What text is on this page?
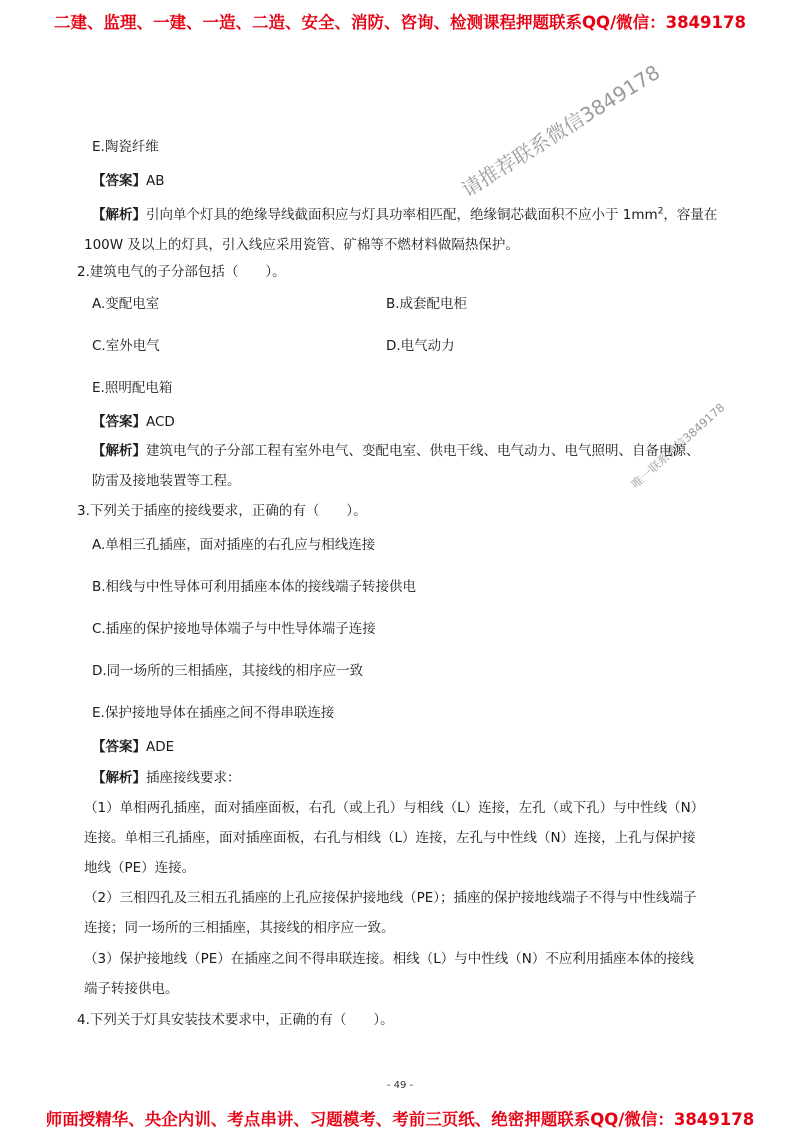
二建、监理、一建、一造、二造、安全、消防、咨询、检测课程押题联系QQ/微信：3849178
请推荐联系微信3849178
唯一联系微信3849178
E.陶瓷纤维
【答案】AB
【解析】引向单个灯具的绝缘导线截面积应与灯具功率相匹配，绝缘铜芯截面积不应小于 $1mm^2$，容量在
100W 及以上的灯具，引入线应采用瓷管、矿棉等不燃材料做隔热保护。
2.建筑电气的子分部包括（　　）。
A.变配电室	B.成套配电柜
C.室外电气	D.电气动力
E.照明配电箱
【答案】ACD
【解析】建筑电气的子分部工程有室外电气、变配电室、供电干线、电气动力、电气照明、自备电源、
防雷及接地装置等工程。
3.下列关于插座的接线要求，正确的有（　　）。
A.单相三孔插座，面对插座的右孔应与相线连接
B.相线与中性导体可利用插座本体的接线端子转接供电
C.插座的保护接地导体端子与中性导体端子连接
D.同一场所的三相插座，其接线的相序应一致
E.保护接地导体在插座之间不得串联连接
【答案】ADE
【解析】插座接线要求：
（1）单相两孔插座，面对插座面板，右孔（或上孔）与相线（L）连接，左孔（或下孔）与中性线（N）
连接。单相三孔插座，面对插座面板，右孔与相线（L）连接，左孔与中性线（N）连接，上孔与保护接
地线（PE）连接。
（2）三相四孔及三相五孔插座的上孔应接保护接地线（PE）；插座的保护接地线端子不得与中性线端子
连接；同一场所的三相插座，其接线的相序应一致。
（3）保护接地线（PE）在插座之间不得串联连接。相线（L）与中性线（N）不应利用插座本体的接线
端子转接供电。
4.下列关于灯具安装技术要求中，正确的有（　　）。
- 49 -
师面授精华、央企内训、考点串讲、习题模考、考前三页纸、绝密押题联系QQ/微信：3849178
